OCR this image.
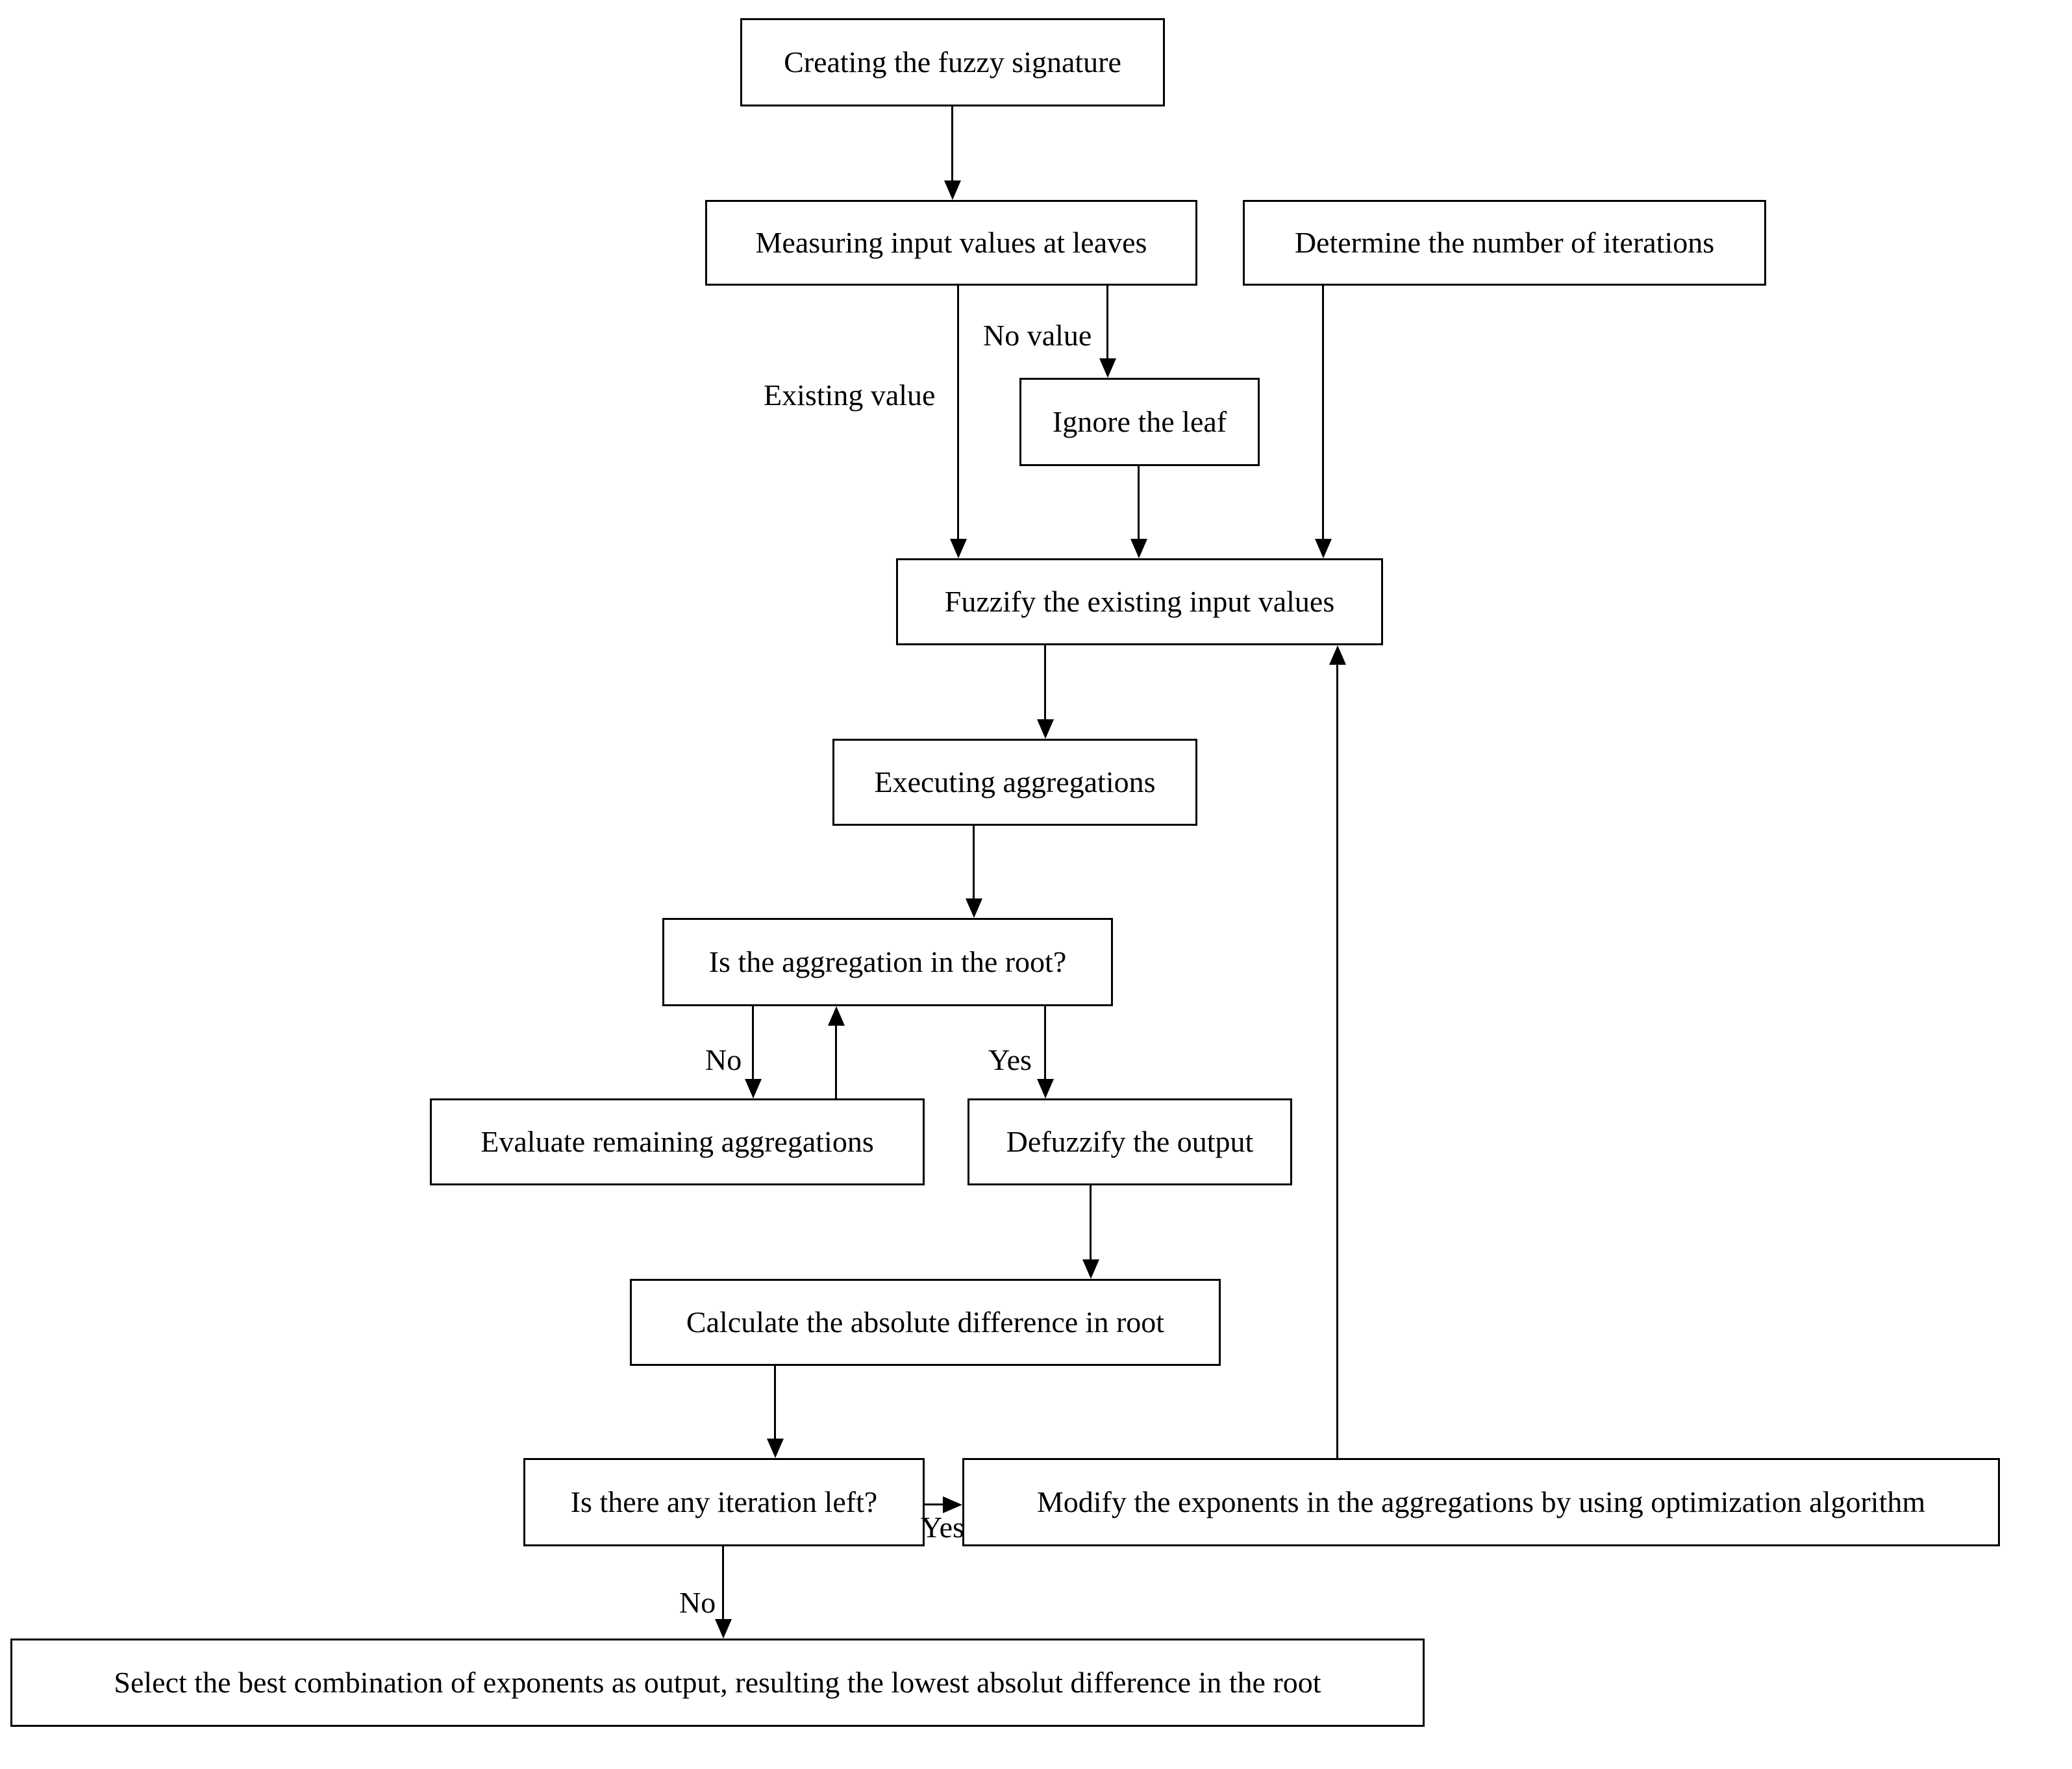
Creating the fuzzy signature
Measuring input values at leaves	Determine the number of iterations
Ignore the leaf
Fuzzify the existing input values
Executing aggregations
Is the aggregation in the root?
Evaluate remaining aggregations	Defuzzify the output
Calculate the absolute difference in root
Is there any iteration left?	Modify the exponents in the aggregations by using optimization algorithm
Select the best combination of exponents as output, resulting the lowest absolut difference in the root
No value
Existing value
No	Yes
Yes
No
